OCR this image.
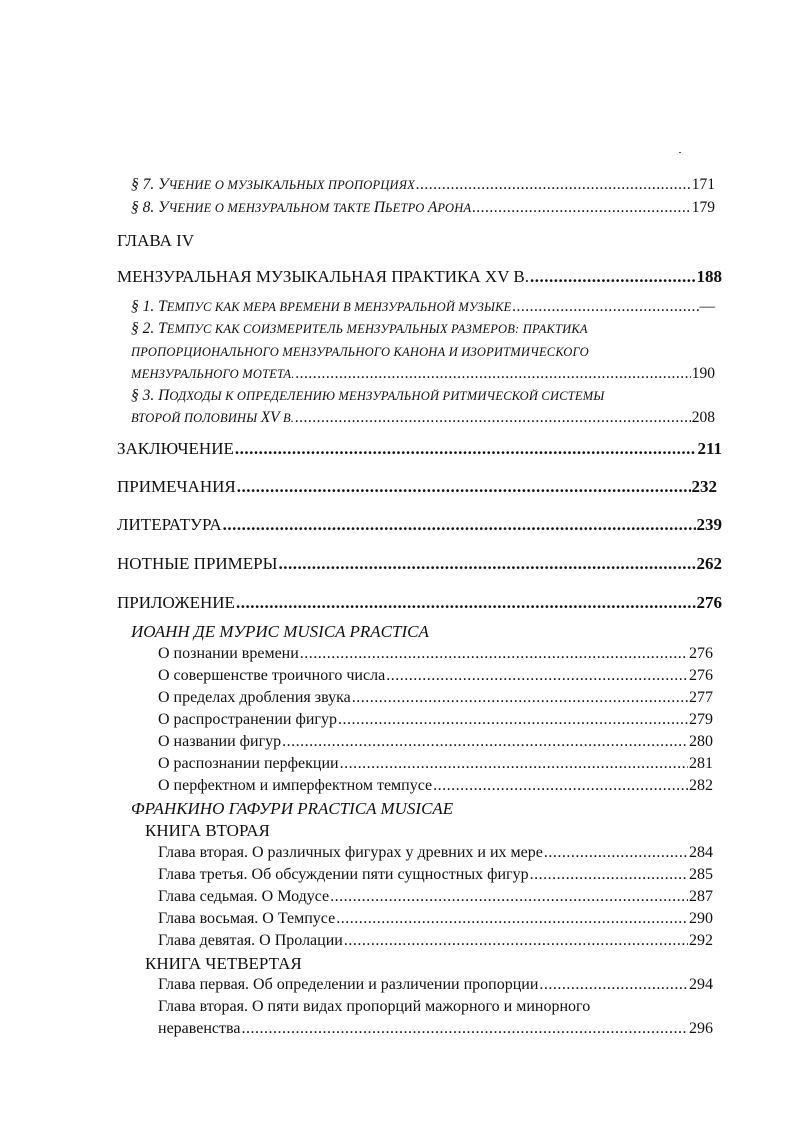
§ 7. УЧЕНИЕ О МУЗЫКАЛЬНЫХ ПРОПОРЦИЯХ .....	171
§ 8. УЧЕНИЕ О МЕНЗУРАЛЬНОМ ТАКТЕ ПЬЕТРО АРОНА .....	179
ГЛАВА IV
МЕНЗУРАЛЬНАЯ МУЗЫКАЛЬНАЯ ПРАКТИКА XV В. .....	188
§ 1. ТЕМПУС КАК МЕРА ВРЕМЕНИ В МЕНЗУРАЛЬНОЙ МУЗЫКЕ .....	—
§ 2. ТЕМПУС КАК СОИЗМЕРИТЕЛЬ МЕНЗУРАЛЬНЫХ РАЗМЕРОВ: ПРАКТИКА
ПРОПОРЦИОНАЛЬНОГО МЕНЗУРАЛЬНОГО КАНОНА И ИЗОРИТМИЧЕСКОГО
МЕНЗУРАЛЬНОГО МОТЕТА. .....	190
§ 3. ПОДХОДЫ К ОПРЕДЕЛЕНИЮ МЕНЗУРАЛЬНОЙ РИТМИЧЕСКОЙ СИСТЕМЫ
ВТОРОЙ ПОЛОВИНЫ XV В. .....	208
ЗАКЛЮЧЕНИЕ .....	211
ПРИМЕЧАНИЯ .....	232
ЛИТЕРАТУРА .....	239
НОТНЫЕ ПРИМЕРЫ .....	262
ПРИЛОЖЕНИЕ .....	276
ИОАНН ДЕ МУРИС MUSICA PRACTICA
О познании времени .....	276
О совершенстве троичного числа .....	276
О пределах дробления звука .....	277
О распространении фигур .....	279
О названии фигур .....	280
О распознании перфекции .....	281
О перфектном и имперфектном темпусе .....	282
ФРАНКИНО ГАФУРИ PRACTICA MUSICAE
КНИГА ВТОРАЯ
Глава вторая. О различных фигурах у древних и их мере .....	284
Глава третья. Об обсуждении пяти сущностных фигур .....	285
Глава седьмая. О Модусе .....	287
Глава восьмая. О Темпусе .....	290
Глава девятая. О Пролации .....	292
КНИГА ЧЕТВЕРТАЯ
Глава первая. Об определении и различении пропорции .....	294
Глава вторая. О пяти видах пропорций мажорного и минорного
неравенства .....	296
